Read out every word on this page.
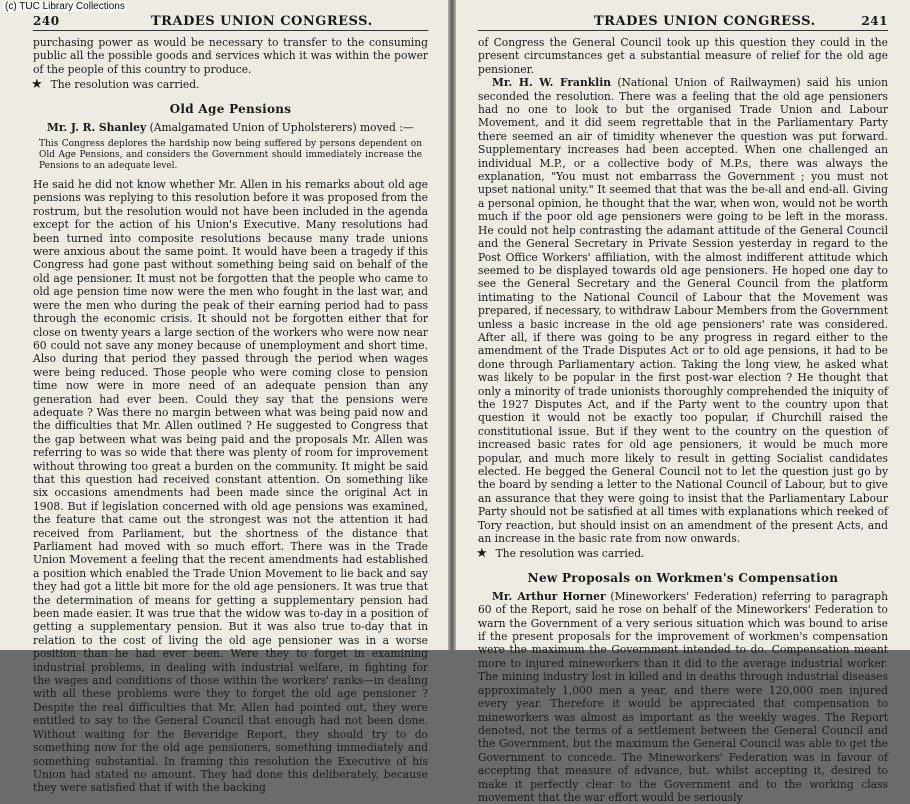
(c) TUC Library Collections
240	TRADES UNION CONGRESS.

purchasing power as would be necessary to transfer to the consuming public all the possible goods and services which it was within the power of the people of this country to produce.

★ The resolution was carried.
Old Age Pensions

Mr. J. R. Shanley (Amalgamated Union of Upholsterers) moved :—

This Congress deplores the hardship now being suffered by persons dependent on Old Age Pensions, and considers the Government should immediately increase the Pensions to an adequate level.

He said he did not know whether Mr. Allen in his remarks about old age pensions was replying to this resolution before it was proposed from the rostrum, but the resolution would not have been included in the agenda except for the action of his Union's Executive. Many resolutions had been turned into composite resolutions because many trade unions were anxious about the same point. It would have been a tragedy if this Congress had gone past without something being said on behalf of the old age pensioner. It must not be forgotten that the people who came to old age pension time now were the men who fought in the last war, and were the men who during the peak of their earning period had to pass through the economic crisis. It should not be forgotten either that for close on twenty years a large section of the workers who were now near 60 could not save any money because of unemployment and short time. Also during that period they passed through the period when wages were being reduced. Those people who were coming close to pension time now were in more need of an adequate pension than any generation had ever been. Could they say that the pensions were adequate ? Was there no margin between what was being paid now and the difficulties that Mr. Allen outlined ? He suggested to Congress that the gap between what was being paid and the proposals Mr. Allen was referring to was so wide that there was plenty of room for improvement without throwing too great a burden on the community. It might be said that this question had received constant attention. On something like six occasions amendments had been made since the original Act in 1908. But if legislation concerned with old age pensions was examined, the feature that came out the strongest was not the attention it had received from Parliament, but the shortness of the distance that Parliament had moved with so much effort. There was in the Trade Union Movement a feeling that the recent amendments had established a position which enabled the Trade Union Movement to lie back and say they had got a little bit more for the old age pensioners. It was true that the determination of means for getting a supplementary pension had been made easier. It was true that the widow was to-day in a position of getting a supplementary pension. But it was also true to-day that in relation to the cost of living the old age pensioner was in a worse position than he had ever been. Were they to forget in examining industrial problems, in dealing with industrial welfare, in fighting for the wages and conditions of those within the workers' ranks—in dealing with all these problems were they to forget the old age pensioner ? Despite the real difficulties that Mr. Allen had pointed out, they were entitled to say to the General Council that enough had not been done. Without waiting for the Beveridge Report, they should try to do something now for the old age pensioners, something immediately and something substantial. In framing this resolution the Executive of his Union had stated no amount. They had done this deliberately, because they were satisfied that if with the backing

TRADES UNION CONGRESS.	241

of Congress the General Council took up this question they could in the present circumstances get a substantial measure of relief for the old age pensioner.

Mr. H. W. Franklin (National Union of Railwaymen) said his union seconded the resolution. There was a feeling that the old age pensioners had no one to look to but the organised Trade Union and Labour Movement, and it did seem regrettable that in the Parliamentary Party there seemed an air of timidity whenever the question was put forward. Supplementary increases had been accepted. When one challenged an individual M.P., or a collective body of M.P.s, there was always the explanation, "You must not embarrass the Government ; you must not upset national unity." It seemed that that was the be-all and end-all. Giving a personal opinion, he thought that the war, when won, would not be worth much if the poor old age pensioners were going to be left in the morass. He could not help contrasting the adamant attitude of the General Council and the General Secretary in Private Session yesterday in regard to the Post Office Workers' affiliation, with the almost indifferent attitude which seemed to be displayed towards old age pensioners. He hoped one day to see the General Secretary and the General Council from the platform intimating to the National Council of Labour that the Movement was prepared, if necessary, to withdraw Labour Members from the Government unless a basic increase in the old age pensioners' rate was considered. After all, if there was going to be any progress in regard either to the amendment of the Trade Disputes Act or to old age pensions, it had to be done through Parliamentary action. Taking the long view, he asked what was likely to be popular in the first post-war election ? He thought that only a minority of trade unionists thoroughly comprehended the iniquity of the 1927 Disputes Act, and if the Party went to the country upon that question it would not be exactly too popular, if Churchill raised the constitutional issue. But if they went to the country on the question of increased basic rates for old age pensioners, it would be much more popular, and much more likely to result in getting Socialist candidates elected. He begged the General Council not to let the question just go by the board by sending a letter to the National Council of Labour, but to give an assurance that they were going to insist that the Parliamentary Labour Party should not be satisfied at all times with explanations which reeked of Tory reaction, but should insist on an amendment of the present Acts, and an increase in the basic rate from now onwards.

★ The resolution was carried.
New Proposals on Workmen's Compensation

Mr. Arthur Horner (Mineworkers' Federation) referring to paragraph 60 of the Report, said he rose on behalf of the Mineworkers' Federation to warn the Government of a very serious situation which was bound to arise if the present proposals for the improvement of workmen's compensation were the maximum the Government intended to do. Compensation meant more to injured mineworkers than it did to the average industrial worker. The mining industry lost in killed and in deaths through industrial diseases approximately 1,000 men a year, and there were 120,000 men injured every year. Therefore it would be appreciated that compensation to mineworkers was almost as important as the weekly wages. The Report denoted, not the terms of a settlement between the General Council and the Government, but the maximum the General Council was able to get the Government to concede. The Mineworkers' Federation was in favour of accepting that measure of advance, but, whilst accepting it, desired to make it perfectly clear to the Government and to the working class movement that the war effort would be seriously
